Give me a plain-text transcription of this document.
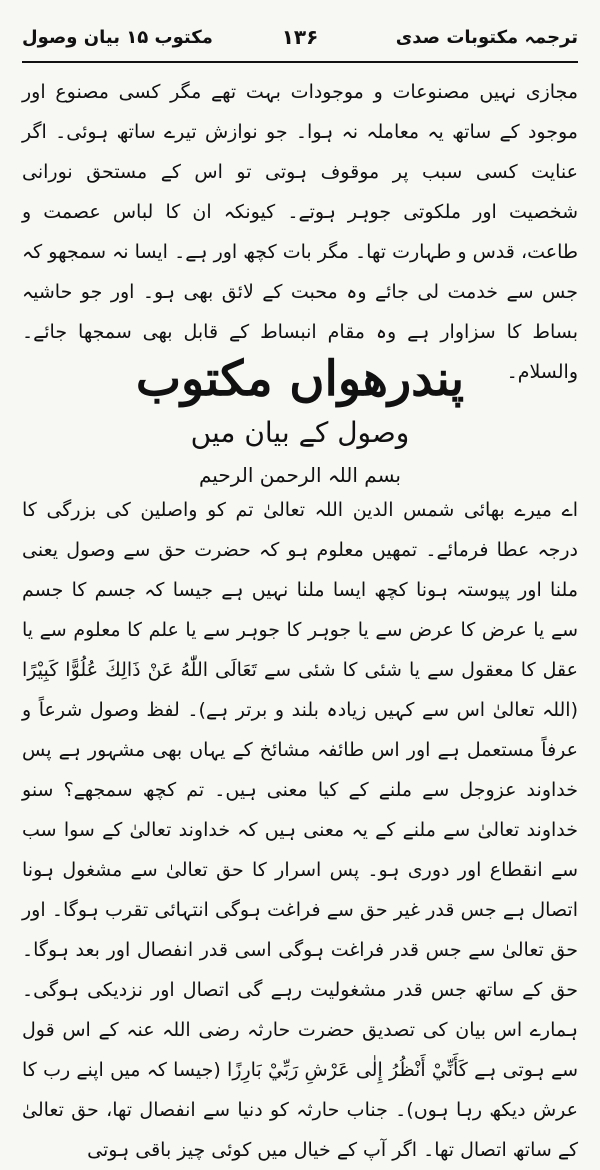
ترجمہ مکتوبات صدی
۱۳۶
مکتوب ۱۵ بیان وصول
مجازی نہیں مصنوعات و موجودات بہت تھے مگر کسی مصنوع اور موجود کے ساتھ یہ معاملہ نہ ہوا۔ جو نوازش تیرے ساتھ ہوئی۔ اگر عنایت کسی سبب پر موقوف ہوتی تو اس کے مستحق نورانی شخصیت اور ملکوتی جوہر ہوتے۔ کیونکہ ان کا لباس عصمت و طاعت، قدس و طہارت تھا۔ مگر بات کچھ اور ہے۔ ایسا نہ سمجھو کہ جس سے خدمت لی جائے وہ محبت کے لائق بھی ہو۔ اور جو حاشیہ بساط کا سزاوار ہے وہ مقام انبساط کے قابل بھی سمجھا جائے۔ والسلام۔
پندرھواں مکتوب
وصول کے بیان میں
بسم اللہ الرحمن الرحیم
اے میرے بھائی شمس الدین اللہ تعالیٰ تم کو واصلین کی بزرگی کا درجہ عطا فرمائے۔ تمھیں معلوم ہو کہ حضرت حق سے وصول یعنی ملنا اور پیوستہ ہونا کچھ ایسا ملنا نہیں ہے جیسا کہ جسم کا جسم سے یا عرض کا عرض سے یا جوہر کا جوہر سے یا علم کا معلوم سے یا عقل کا معقول سے یا شئی کا شئی سے تَعَالَى اللّٰهُ عَنْ ذَالِكَ عُلُوًّا كَبِيْرًا (اللہ تعالیٰ اس سے کہیں زیادہ بلند و برتر ہے)۔ لفظ وصول شرعاً و عرفاً مستعمل ہے اور اس طائفہ مشائخ کے یہاں بھی مشہور ہے پس خداوند عزوجل سے ملنے کے کیا معنی ہیں۔ تم کچھ سمجھے؟ سنو خداوند تعالیٰ سے ملنے کے یہ معنی ہیں کہ خداوند تعالیٰ کے سوا سب سے انقطاع اور دوری ہو۔ پس اسرار کا حق تعالیٰ سے مشغول ہونا اتصال ہے جس قدر غیر حق سے فراغت ہوگی انتہائی تقرب ہوگا۔ اور حق تعالیٰ سے جس قدر فراغت ہوگی اسی قدر انفصال اور بعد ہوگا۔ حق کے ساتھ جس قدر مشغولیت رہے گی اتصال اور نزدیکی ہوگی۔ ہمارے اس بیان کی تصدیق حضرت حارثہ رضی اللہ عنہ کے اس قول سے ہوتی ہے کَأَنِّيْ أَنْظُرُ إِلٰى عَرْشِ رَبِّيْ بَارِزًا (جیسا کہ میں اپنے رب کا عرش دیکھ رہا ہوں)۔ جناب حارثہ کو دنیا سے انفصال تھا، حق تعالیٰ کے ساتھ اتصال تھا۔ اگر آپ کے خیال میں کوئی چیز باقی ہوتی
